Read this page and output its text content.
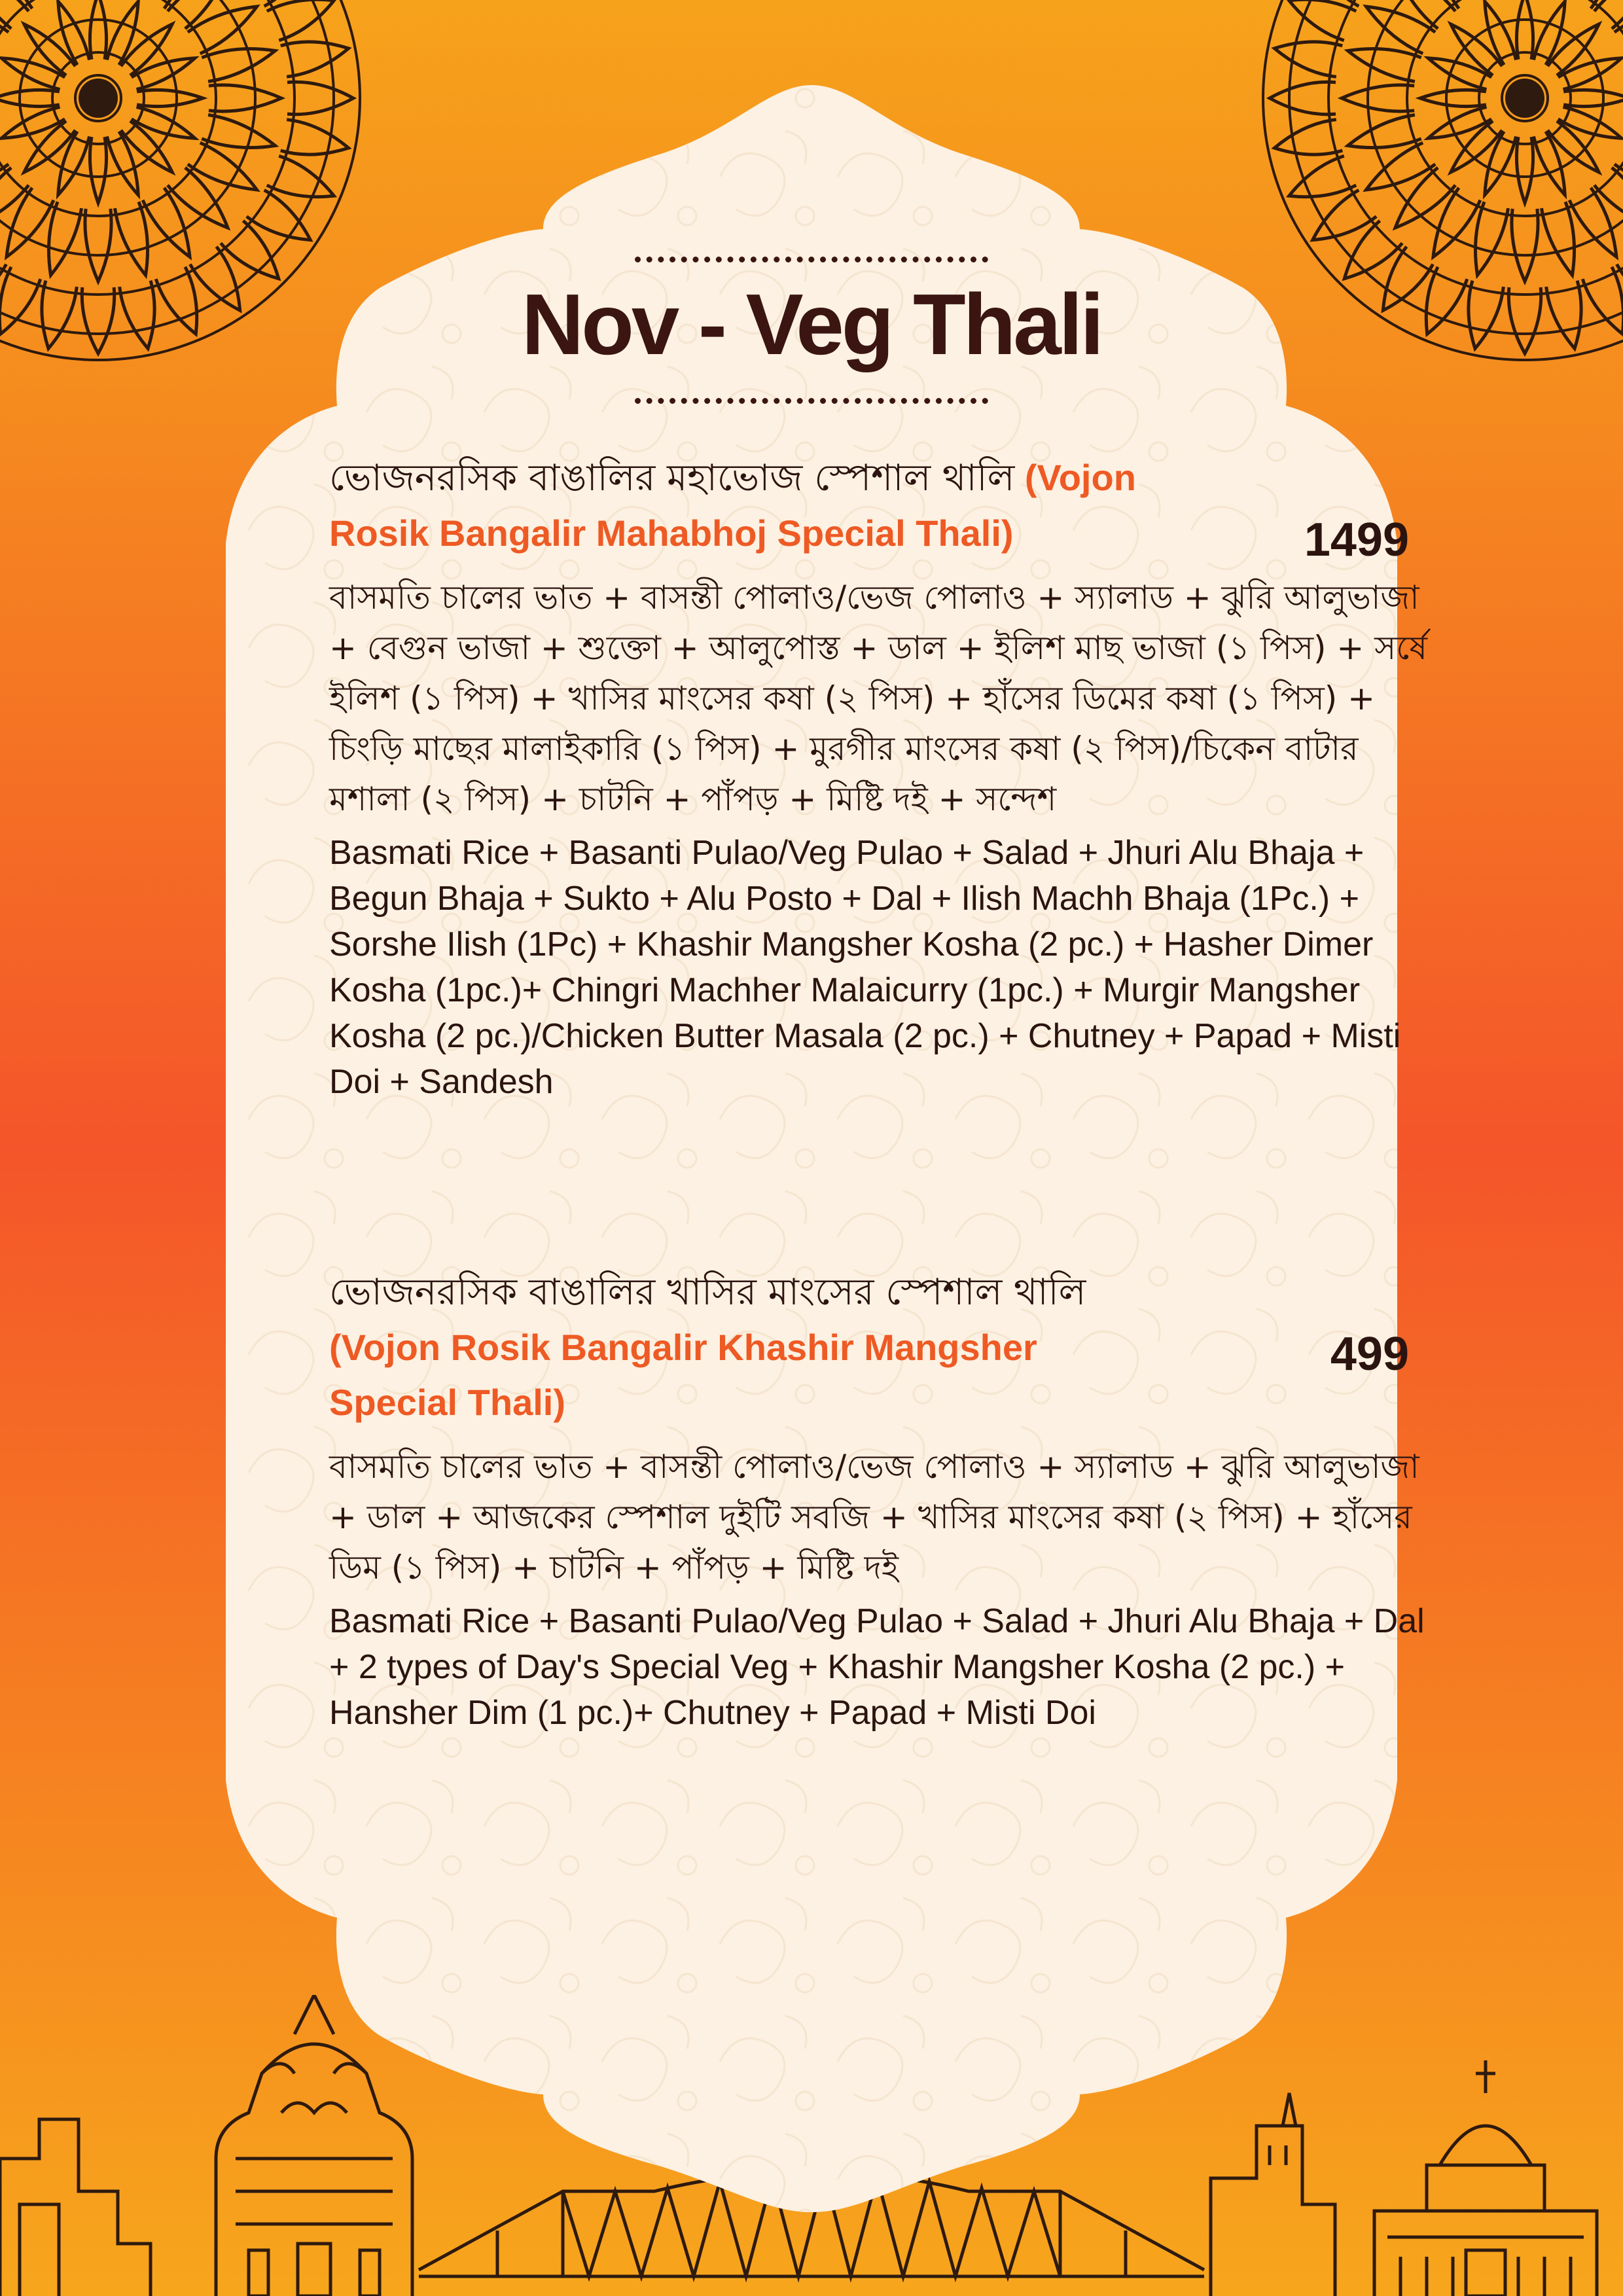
Nov - Veg Thali
ভোজনরসিক বাঙালির মহাভোজ স্পেশাল থালি (Vojon Rosik Bangalir Mahabhoj Special Thali)	1499
বাসমতি চালের ভাত + বাসন্তী পোলাও/ভেজ পোলাও + স্যালাড + ঝুরি আলুভাজা + বেগুন ভাজা + শুক্তো + আলুপোস্ত + ডাল + ইলিশ মাছ ভাজা (১ পিস) + সর্ষে ইলিশ (১ পিস) + খাসির মাংসের কষা (২ পিস) + হাঁসের ডিমের কষা (১ পিস) + চিংড়ি মাছের মালাইকারি (১ পিস) + মুরগীর মাংসের কষা (২ পিস)/চিকেন বাটার মশালা (২ পিস) + চাটনি + পাঁপড় + মিষ্টি দই + সন্দেশ
Basmati Rice + Basanti Pulao/Veg Pulao + Salad + Jhuri Alu Bhaja + Begun Bhaja + Sukto + Alu Posto + Dal + Ilish Machh Bhaja (1Pc.) + Sorshe Ilish (1Pc) + Khashir Mangsher Kosha (2 pc.) + Hasher Dimer Kosha (1pc.)+ Chingri Machher Malaicurry (1pc.) + Murgir Mangsher Kosha (2 pc.)/Chicken Butter Masala (2 pc.) + Chutney + Papad + Misti Doi + Sandesh
ভোজনরসিক বাঙালির খাসির মাংসের স্পেশাল থালি (Vojon Rosik Bangalir Khashir Mangsher Special Thali)
499
বাসমতি চালের ভাত + বাসন্তী পোলাও/ভেজ পোলাও + স্যালাড + ঝুরি আলুভাজা + ডাল + আজকের স্পেশাল দুইটি সবজি + খাসির মাংসের কষা (২ পিস) + হাঁসের ডিম (১ পিস) + চাটনি + পাঁপড় + মিষ্টি দই
Basmati Rice + Basanti Pulao/Veg Pulao + Salad + Jhuri Alu Bhaja + Dal + 2 types of Day's Special Veg + Khashir Mangsher Kosha (2 pc.) + Hansher Dim (1 pc.)+ Chutney + Papad + Misti Doi
